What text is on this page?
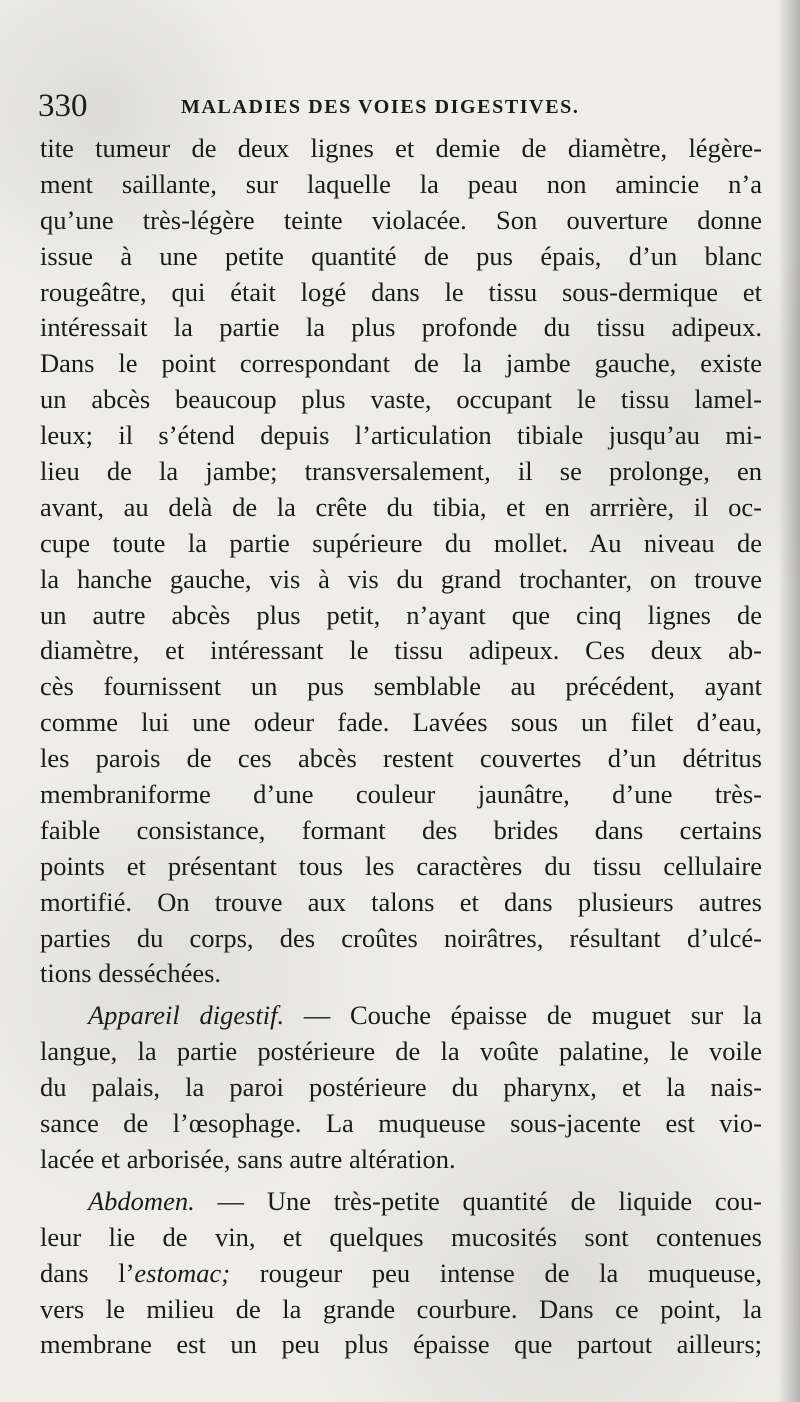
330	MALADIES DES VOIES DIGESTIVES.
tite tumeur de deux lignes et demie de diamètre, légère-
ment saillante, sur laquelle la peau non amincie n’a
qu’une très-légère teinte violacée. Son ouverture donne
issue à une petite quantité de pus épais, d’un blanc
rougeâtre, qui était logé dans le tissu sous-dermique et
intéressait la partie la plus profonde du tissu adipeux.
Dans le point correspondant de la jambe gauche, existe
un abcès beaucoup plus vaste, occupant le tissu lamel-
leux; il s’étend depuis l’articulation tibiale jusqu’au mi-
lieu de la jambe; transversalement, il se prolonge, en
avant, au delà de la crête du tibia, et en arrrière, il oc-
cupe toute la partie supérieure du mollet. Au niveau de
la hanche gauche, vis à vis du grand trochanter, on trouve
un autre abcès plus petit, n’ayant que cinq lignes de
diamètre, et intéressant le tissu adipeux. Ces deux ab-
cès fournissent un pus semblable au précédent, ayant
comme lui une odeur fade. Lavées sous un filet d’eau,
les parois de ces abcès restent couvertes d’un détritus
membraniforme d’une couleur jaunâtre, d’une très-
faible consistance, formant des brides dans certains
points et présentant tous les caractères du tissu cellulaire
mortifié. On trouve aux talons et dans plusieurs autres
parties du corps, des croûtes noirâtres, résultant d’ulcé-
tions desséchées.
Appareil digestif. — Couche épaisse de muguet sur la
langue, la partie postérieure de la voûte palatine, le voile
du palais, la paroi postérieure du pharynx, et la nais-
sance de l’œsophage. La muqueuse sous-jacente est vio-
lacée et arborisée, sans autre altération.
Abdomen. — Une très-petite quantité de liquide cou-
leur lie de vin, et quelques mucosités sont contenues
dans l’estomac; rougeur peu intense de la muqueuse,
vers le milieu de la grande courbure. Dans ce point, la
membrane est un peu plus épaisse que partout ailleurs;
